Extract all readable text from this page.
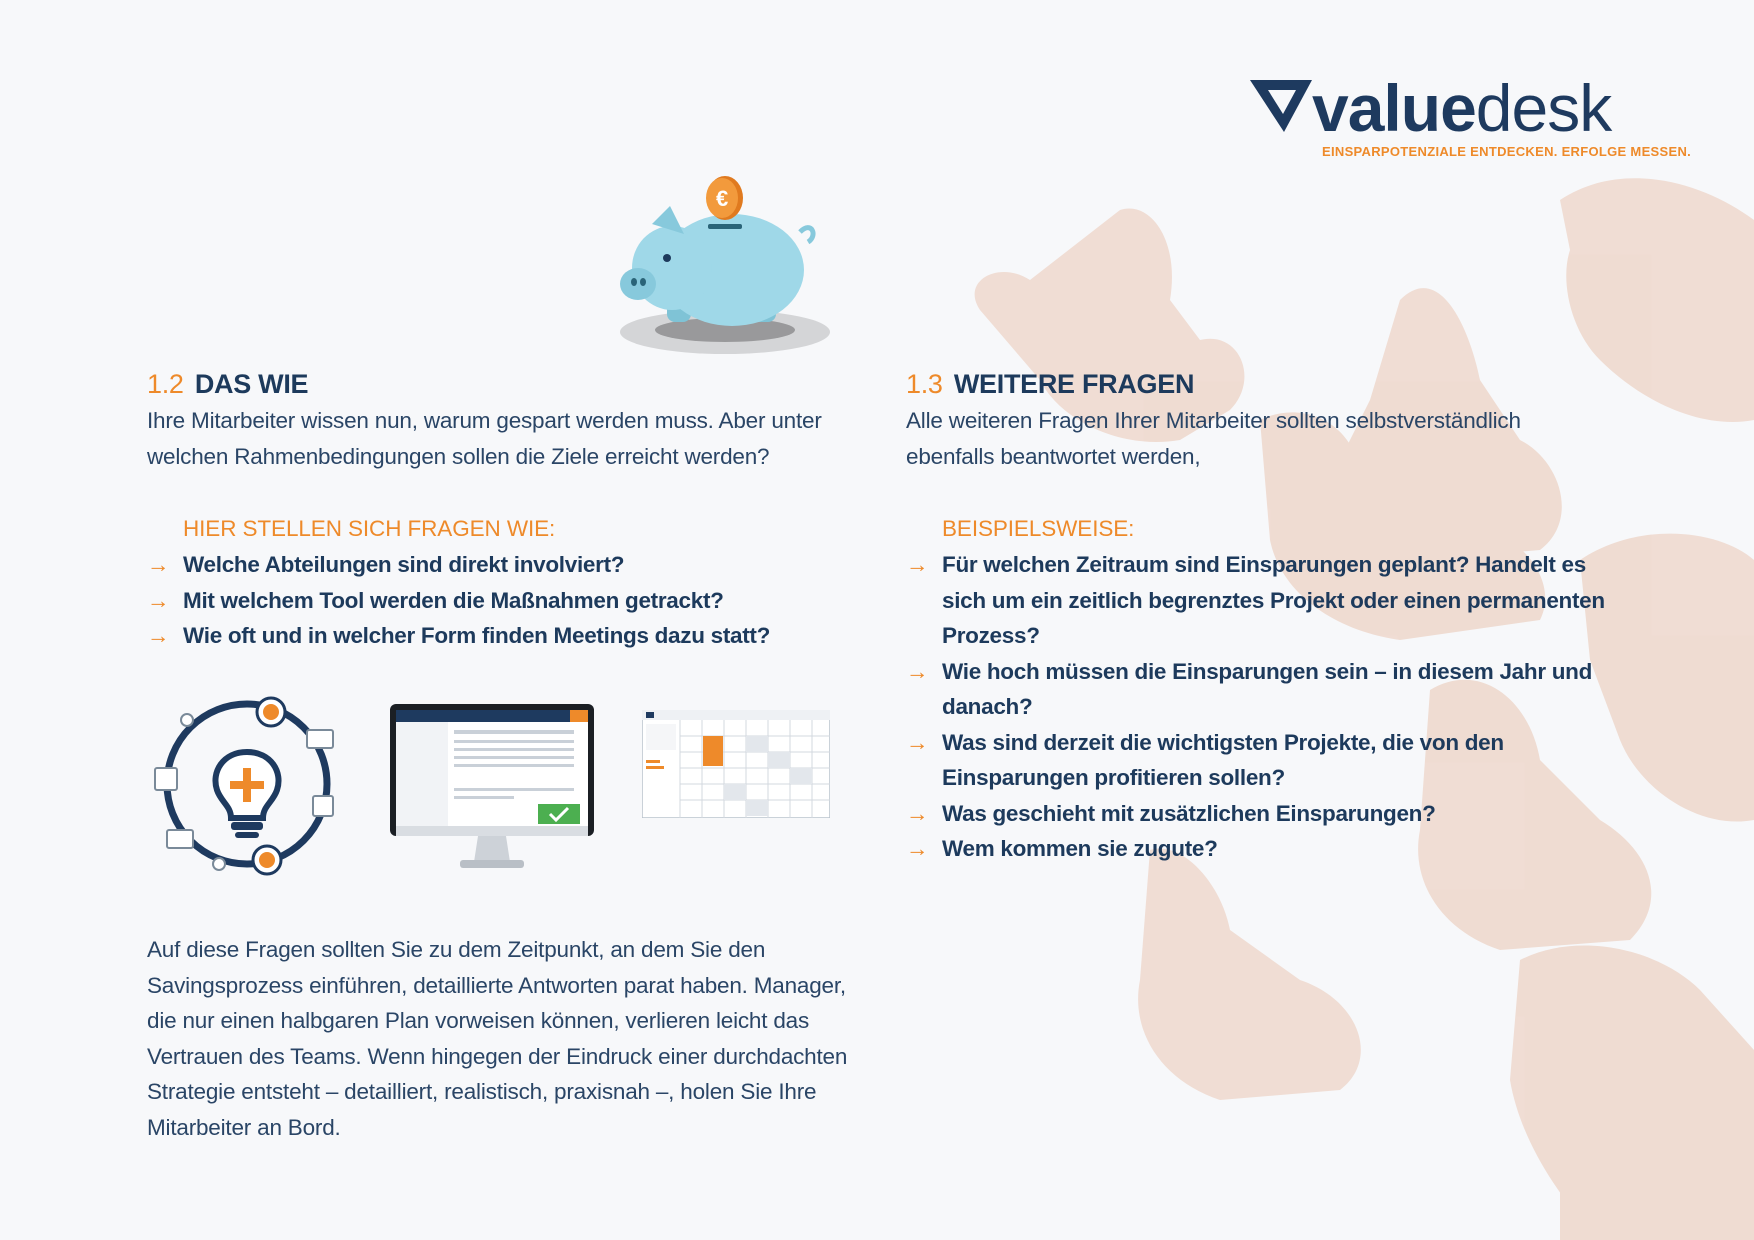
valuedesk
EINSPARPOTENZIALE ENTDECKEN. ERFOLGE MESSEN.
€
1.2 DAS WIE

Ihre Mitarbeiter wissen nun, warum gespart werden muss. Aber unter welchen Rahmenbedingungen sollen die Ziele erreicht werden?

HIER STELLEN SICH FRAGEN WIE:
→ Welche Abteilungen sind direkt involviert?
→ Mit welchem Tool werden die Maßnahmen getrackt?
→ Wie oft und in welcher Form finden Meetings dazu statt?

Auf diese Fragen sollten Sie zu dem Zeitpunkt, an dem Sie den Savingsprozess einführen, detaillierte Antworten parat haben. Manager, die nur einen halbgaren Plan vorweisen können, verlieren leicht das Vertrauen des Teams. Wenn hingegen der Eindruck einer durchdachten Strategie entsteht – detailliert, realistisch, praxisnah –, holen Sie Ihre Mitarbeiter an Bord.

1.3 WEITERE FRAGEN

Alle weiteren Fragen Ihrer Mitarbeiter sollten selbstverständlich ebenfalls beantwortet werden,

BEISPIELSWEISE:
→ Für welchen Zeitraum sind Einsparungen geplant? Handelt es sich um ein zeitlich begrenztes Projekt oder einen permanenten Prozess?
→ Wie hoch müssen die Einsparungen sein – in diesem Jahr und danach?
→ Was sind derzeit die wichtigsten Projekte, die von den Einsparungen profitieren sollen?
→ Was geschieht mit zusätzlichen Einsparungen?
→ Wem kommen sie zugute?
